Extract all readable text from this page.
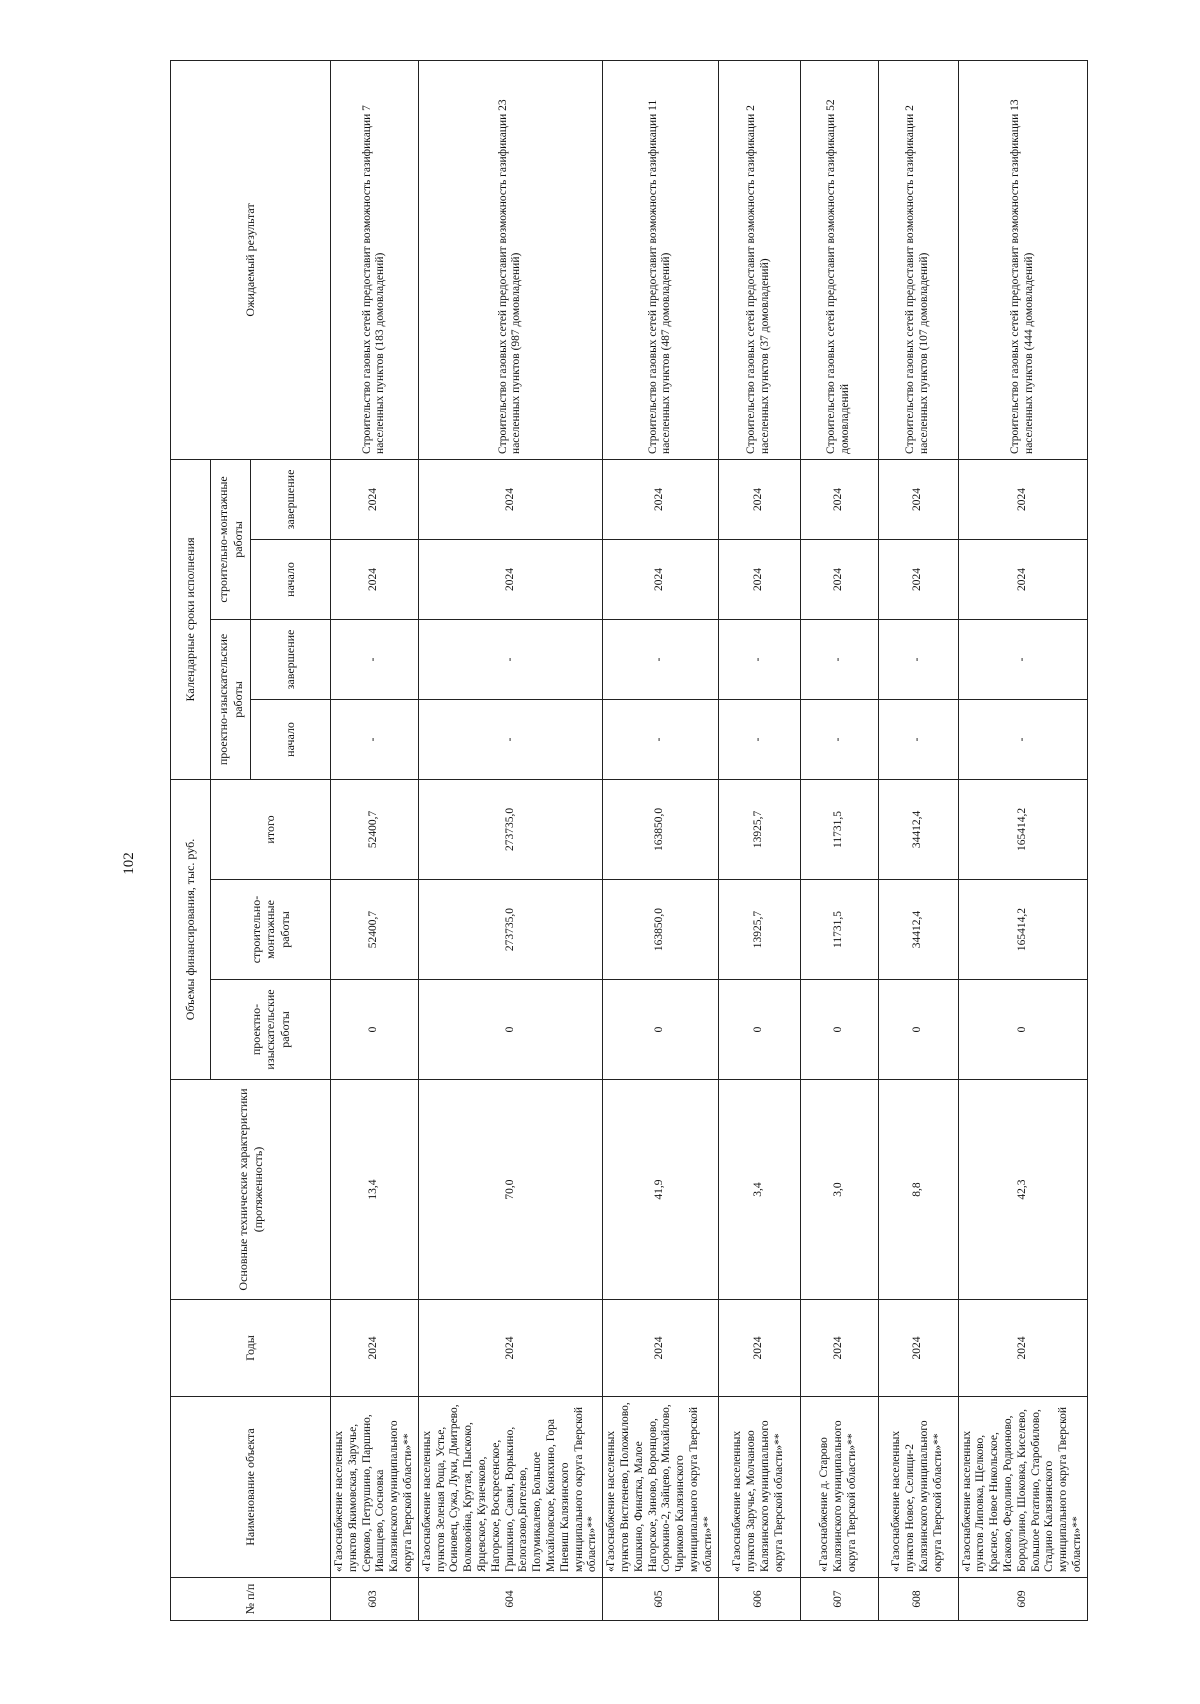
102
№ п/п	Наименование объекта	Годы	Основные технические характеристики (протяженность)	Объемы финансирования, тыс. руб.			Календарные сроки исполнения				Ожидаемый результат
				проектно-изыскательские работы	строительно-монтажные работы	итого	проектно-изыскательские работы		строительно-монтажные работы		
							начало	завершение	начало	завершение	
603	«Газоснабжение населенных пунктов Якимовская, Заручье, Серково, Петрушино, Паршино, Ивашцево, Сосновка Калязинского муниципального округа Тверской области»**	2024	13,4	0	52400,7	52400,7	-	-	2024	2024	Строительство газовых сетей предоставит возможность газификации 7 населенных пунктов (183 домовладений)
604	«Газоснабжение населенных пунктов Зеленая Роща, Устье, Осиновец, Сужа, Луки, Дмитрево, Волковойна, Крутая, Пыскоко, Ярцевское, Кузнечково, Нагорское, Воскресенское, Гришкино, Савки, Ворыкино, Белогазово,Бителево, Полумикалево, Большое Михайловское, Коняхино, Гора Пневиш Калязинского муниципального округа Тверской области»**	2024	70,0	0	273735,0	273735,0	-	-	2024	2024	Строительство газовых сетей предоставит возможность газификации 23 населенных пунктов (987 домовладений)
605	«Газоснабжение населенных пунктов Вистленево, Положилово, Кошкино, Финатка, Малое Нагорское, Зиново, Воронцово, Сорокино-2, Зайцево, Михайлово, Чириково Калязинского муниципального округа Тверской области»**	2024	41,9	0	163850,0	163850,0	-	-	2024	2024	Строительство газовых сетей предоставит возможность газификации 11 населенных пунктов (487 домовладений)
606	«Газоснабжение населенных пунктов Заручье, Молчаново Калязинского муниципального округа Тверской области»**	2024	3,4	0	13925,7	13925,7	-	-	2024	2024	Строительство газовых сетей предоставит возможность газификации 2 населенных пунктов (37 домовладений)
607	«Газоснабжение д. Старово Калязинского муниципального округа Тверской области»**	2024	3,0	0	11731,5	11731,5	-	-	2024	2024	Строительство газовых сетей предоставит возможность газификации 52 домовладений
608	«Газоснабжение населенных пунктов Новое, Селищи-2 Калязинского муниципального округа Тверской области»**	2024	8,8	0	34412,4	34412,4	-	-	2024	2024	Строительство газовых сетей предоставит возможность газификации 2 населенных пунктов (107 домовладений)
609	«Газоснабжение населенных пунктов Липовка, Щелково, Красное, Новое Никольское, Исаково, Федолино, Родионово, Бородулино, Шоковка, Киселево, Большое Рогатино, Старобилово, Стадино Калязинского муниципального округа Тверской области»**	2024	42,3	0	165414,2	165414,2	-	-	2024	2024	Строительство газовых сетей предоставит возможность газификации 13 населенных пунктов (444 домовладений)
